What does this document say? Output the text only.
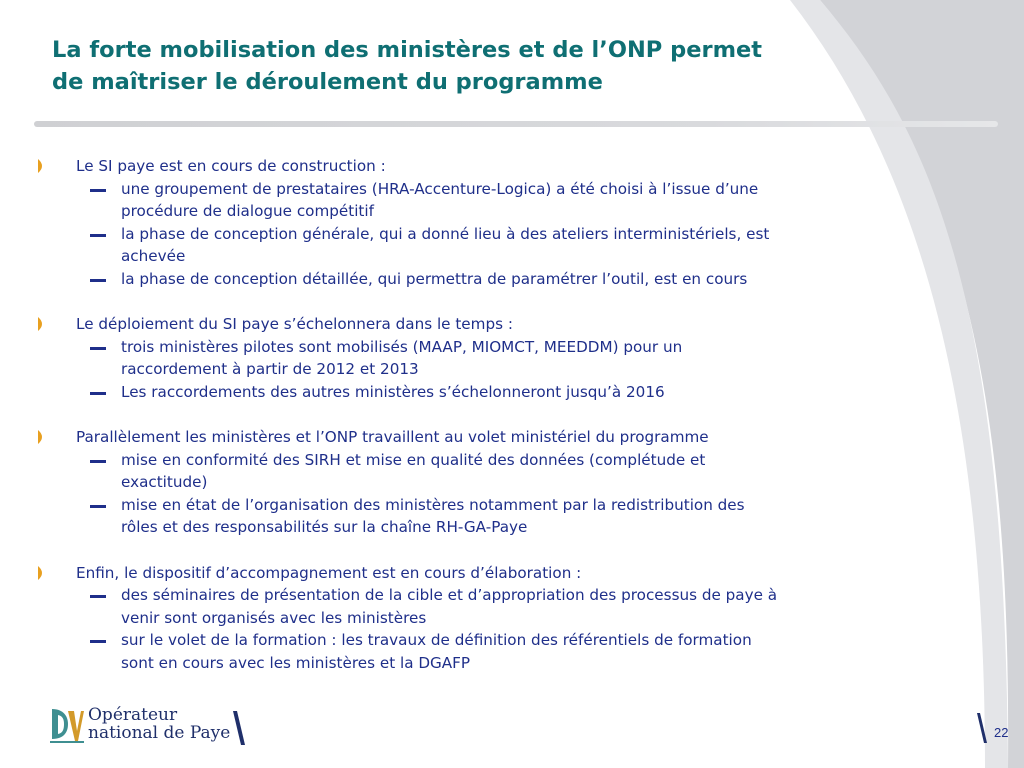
La forte mobilisation des ministères et de l’ONP permet
de maîtriser le déroulement du programme
Le SI paye est en cours de construction :
une groupement de prestataires (HRA-Accenture-Logica) a été choisi à l’issue d’une
procédure de dialogue compétitif
la phase de conception générale, qui a donné lieu à des ateliers interministériels, est
achevée
la phase de conception détaillée, qui permettra de paramétrer l’outil, est en cours
Le déploiement du SI paye s’échelonnera dans le temps :
trois ministères pilotes sont mobilisés (MAAP, MIOMCT, MEEDDM) pour un
raccordement à partir de 2012 et 2013
Les raccordements des autres ministères s’échelonneront jusqu’à 2016
Parallèlement les ministères et l’ONP travaillent au volet ministériel du programme
mise en conformité des SIRH et mise en qualité des données (complétude et
exactitude)
mise en état de l’organisation des ministères notamment par la redistribution des
rôles et des responsabilités sur la chaîne RH-GA-Paye
Enfin, le dispositif d’accompagnement est en cours d’élaboration :
des séminaires de présentation de la cible et d’appropriation des processus de paye à
venir sont organisés avec les ministères
sur le volet de la formation : les travaux de définition des référentiels de formation
sont en cours avec les ministères et la DGAFP
Opérateur
national de Paye	22
